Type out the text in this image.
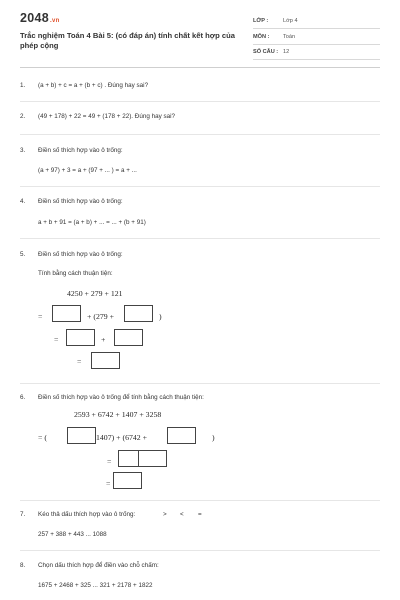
2048.vn
Trắc nghiệm Toán 4 Bài 5: (có đáp án) tính chất kết hợp của phép cộng
LỚP :	Lớp 4
MÔN : Toán
SỐ CÂU : 12
1. (a + b) + c = a + (b + c) . Đúng hay sai?
2. (49 + 178) + 22 = 49 + (178 + 22). Đúng hay sai?
3. Điền số thích hợp vào ô trống:
(a + 97) + 3 = a + (97 + ... ) = a + ...
4. Điền số thích hợp vào ô trống:
a + b + 91 = (a + b) + ... = ... + (b + 91)
5. Điền số thích hợp vào ô trống:
Tính bằng cách thuận tiện:
4250 + 279 + 121
=	+ (279 +	)
=	+
=
6. Điền số thích hợp vào ô trống để tính bằng cách thuận tiện:
2593 + 6742 + 1407 + 3258
= (	1407) + (6742 +	)
=
=
7. Kéo thả dấu thích hợp vào ô trống:	> < =
257 + 388 + 443 ... 1088
8. Chọn dấu thích hợp để điền vào chỗ chấm:
1675 + 2468 + 325 ... 321 + 2178 + 1822
